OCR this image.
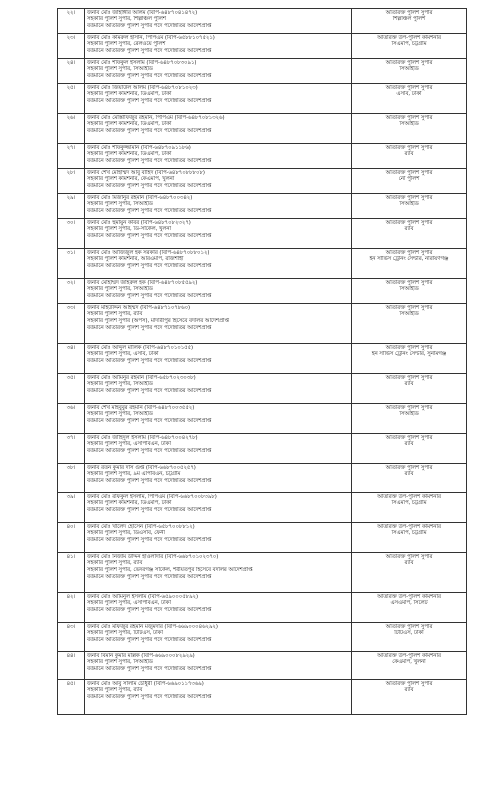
২২।	জনাব মোঃ জাহাঙ্গীর আলম (বিপি-৬৪৮৭০৪১৪৭২)
সহকারি পুলিশ সুপার, শিল্পাঞ্চল পুলিশ
বর্তমানে অতিরিক্ত পুলিশ সুপার পদে পদোন্নতির আদেশপ্রাপ্ত	অতিরিক্ত পুলিশ সুপার
শিল্পাঞ্চল পুলিশ

২৩।	জনাব মোঃ কামরুল হাসান, পিপিএম (বিপি-৬৫৮৮১০৭৫২১)
সহকারি পুলিশ সুপার, রেলওয়ে পুলিশ
বর্তমানে অতিরিক্ত পুলিশ সুপার পদে পদোন্নতির আদেশপ্রাপ্ত	অতিরিক্ত উপ-পুলিশ কমিশনার
সিএমপি, চট্টগ্রাম

২৪।	জনাব মোঃ শফিকুল ইসলাম (বিপি-৬৪৮৭০৮৩০৯১)
সহকারি পুলিশ সুপার, সিআইডি
বর্তমানে অতিরিক্ত পুলিশ সুপার পদে পদোন্নতির আদেশপ্রাপ্ত	অতিরিক্ত পুলিশ সুপার
সিআইডি

২৫।	জনাব মোঃ জিয়াউল আলম (বিপি-৬৪৮৭০৮১০২৩)
সহকারি পুলিশ কমিশনার, ডিএমপি, ঢাকা
বর্তমানে অতিরিক্ত পুলিশ সুপার পদে পদোন্নতির আদেশপ্রাপ্ত	অতিরিক্ত পুলিশ সুপার
এসবি, ঢাকা

২৬।	জনাব মোঃ মোস্তাফিজুর রহমান, পিপিএম (বিপি-৬৪৮৭০৮১৩২৬)
সহকারি পুলিশ কমিশনার, ডিএমপি, ঢাকা
বর্তমানে অতিরিক্ত পুলিশ সুপার পদে পদোন্নতির আদেশপ্রাপ্ত	অতিরিক্ত পুলিশ সুপার
সিআইডি

২৭।	জনাব মোঃ শফিকুজ্জামান (বিপি-৬৪৮৭০৯১১৮৬)
সহকারি পুলিশ কমিশনার, ডিএমপি, ঢাকা
বর্তমানে অতিরিক্ত পুলিশ সুপার পদে পদোন্নতির আদেশপ্রাপ্ত	অতিরিক্ত পুলিশ সুপার
র‌্যাব

২৮।	জনাব শেখ মোহাম্মদ আবু বাহিদ (বিপি-৬৪৮৭০৮৮৮০৮)
সহকারি পুলিশ কমিশনার, কেএমপি, খুলনা
বর্তমানে অতিরিক্ত পুলিশ সুপার পদে পদোন্নতির আদেশপ্রাপ্ত	অতিরিক্ত পুলিশ সুপার
নৌ পুলিশ

২৯।	জনাব মোঃ মিজানুর রহমান (বিপি-৬৪৮৭০০৩৪২)
সহকারি পুলিশ সুপার, সিআইডি
বর্তমানে অতিরিক্ত পুলিশ সুপার পদে পদোন্নতির আদেশপ্রাপ্ত	অতিরিক্ত পুলিশ সুপার
সিআইডি

৩০।	জনাব মোঃ হুমায়ুন কবির (বিপি-৬৪৮৭০৮২৩২৭)
সহকারি পুলিশ সুপার, ডি-সার্কেল, খুলনা
বর্তমানে অতিরিক্ত পুলিশ সুপার পদে পদোন্নতির আদেশপ্রাপ্ত	অতিরিক্ত পুলিশ সুপার
র‌্যাব

৩১।	জনাব মোঃ আজিজুল হক সরকার (বিপি-৬৪৮৭০৮৮০১২)
সহকারি পুলিশ কমিশনার, আরএমপি, রাজশাহী
বর্তমানে অতিরিক্ত পুলিশ সুপার পদে পদোন্নতির আদেশপ্রাপ্ত	অতিরিক্ত পুলিশ সুপার
ইন সার্ভিস ট্রেনিং সেন্টার, নারায়ণগঞ্জ

৩২।	জনাব মোহাম্মদ জহিরুল হক (বিপি-৬৪৮৭০৮৫৫৯২)
সহকারি পুলিশ সুপার, সিআইডি
বর্তমানে অতিরিক্ত পুলিশ সুপার পদে পদোন্নতির আদেশপ্রাপ্ত	অতিরিক্ত পুলিশ সুপার
সিআইডি

৩৩।	জনাব মহিউদ্দিন আহম্মদ (বিপি-৬৪৮৭১০৭৮৬০)
সহকারি পুলিশ সুপার, র‌্যাব
সহকারি পুলিশ সুপার (অপস), মাদারীপুর হিসেবে বদলির আদেশপ্রাপ্ত
বর্তমানে অতিরিক্ত পুলিশ সুপার পদে পদোন্নতির আদেশপ্রাপ্ত	অতিরিক্ত পুলিশ সুপার
সিআইডি

৩৪।	জনাব মোঃ আব্দুল মালিক (বিপি-৬৪৮৭০১০১৫৫)
সহকারি পুলিশ সুপার, এসবি, ঢাকা
বর্তমানে অতিরিক্ত পুলিশ সুপার পদে পদোন্নতির আদেশপ্রাপ্ত	অতিরিক্ত পুলিশ সুপার
ইন সার্ভিস ট্রেনিং সেন্টার, সুনামগঞ্জ

৩৫।	জনাব মোঃ আমিনুর রহমান (বিপি-৬৫৮৭০২৩০৩৮)
সহকারি পুলিশ সুপার, সিআইডি
বর্তমানে অতিরিক্ত পুলিশ সুপার পদে পদোন্নতির আদেশপ্রাপ্ত	অতিরিক্ত পুলিশ সুপার
র‌্যাব

৩৬।	জনাব শেখ মাহবুবুর রহমান (বিপি-৬৪৮৭০০৩৫৫২)
সহকারি পুলিশ সুপার, সিআইডি
বর্তমানে অতিরিক্ত পুলিশ সুপার পদে পদোন্নতির আদেশপ্রাপ্ত	অতিরিক্ত পুলিশ সুপার
সিআইডি

৩৭।	জনাব মোঃ জাহিদুল ইসলাম (বিপি-৬৪৮৭০০৪২৭৮)
সহকারি পুলিশ সুপার, এসপিবিএন, ঢাকা
বর্তমানে অতিরিক্ত পুলিশ সুপার পদে পদোন্নতির আদেশপ্রাপ্ত	অতিরিক্ত পুলিশ সুপার
র‌্যাব

৩৮।	জনাব রতন কুমার দাস গুপ্ত (বিপি-৬৬৮৭০০৫২৫৭)
সহকারি পুলিশ সুপার, ৯ম এপিবিএন, চট্টগ্রাম
বর্তমানে অতিরিক্ত পুলিশ সুপার পদে পদোন্নতির আদেশপ্রাপ্ত	অতিরিক্ত পুলিশ সুপার
র‌্যাব

৩৯।	জনাব মোঃ রফিকুল ইসলাম, পিপিএম (বিপি-৬৬৮৭০০৮৩৯৮)
সহকারি পুলিশ কমিশনার, ডিএমপি, ঢাকা
বর্তমানে অতিরিক্ত পুলিশ সুপার পদে পদোন্নতির আদেশপ্রাপ্ত	অতিরিক্ত উপ-পুলিশ কমিশনার
সিএমপি, চট্টগ্রাম

৪০।	জনাব মোঃ খালেদ হোসেন (বিপি-৬৫৮৭০০৮৮১২)
সহকারি পুলিশ সুপার, ডিএসবি, ফেনী
বর্তমানে অতিরিক্ত পুলিশ সুপার পদে পদোন্নতির আদেশপ্রাপ্ত	অতিরিক্ত উপ-পুলিশ কমিশনার
সিএমপি, চট্টগ্রাম

৪১।	জনাব মোঃ নিজাম উদ্দিন হাওলাদার (বিপি-৬৬৮৭০১০২৩৭০)
সহকারি পুলিশ সুপার, র‌্যাব
সহকারি পুলিশ সুপার, ভেদরগঞ্জ সার্কেল, শরীয়তপুর হিসেবে বদলির আদেশপ্রাপ্ত
বর্তমানে অতিরিক্ত পুলিশ সুপার পদে পদোন্নতির আদেশপ্রাপ্ত	অতিরিক্ত পুলিশ সুপার
র‌্যাব

৪২।	জনাব মোঃ আমিনুল ইসলাম (বিপি-৬৫৯০০০৫৮৯২)
সহকারি পুলিশ সুপার, এসপিবিএন, ঢাকা
বর্তমানে অতিরিক্ত পুলিশ সুপার পদে পদোন্নতির আদেশপ্রাপ্ত	অতিরিক্ত উপ-পুলিশ কমিশনার
এসএমপি, সিলেট

৪৩।	জনাব মোঃ মফিজুর রহমান মজুমদার (বিপি-৬৬৯০০০৪৬২৯২)
সহকারি পুলিশ সুপার, টিটিএস, ঢাকা
বর্তমানে অতিরিক্ত পুলিশ সুপার পদে পদোন্নতির আদেশপ্রাপ্ত	অতিরিক্ত পুলিশ সুপার
টিটিএস, ঢাকা

৪৪।	জনাব বিমান কুমার মল্লিক (বিপি-৬৬৯০০০৮২৯২৯)
সহকারি পুলিশ সুপার, সিআইডি
বর্তমানে অতিরিক্ত পুলিশ সুপার পদে পদোন্নতির আদেশপ্রাপ্ত	অতিরিক্ত উপ-পুলিশ কমিশনার
কেএমপি, খুলনা

৪৫।	জনাব মোঃ আবু সালাম চৌধুরী (বিপি-৬৬৯০১১৭৩৬৯)
সহকারি পুলিশ সুপার, র‌্যাব
বর্তমানে অতিরিক্ত পুলিশ সুপার পদে পদোন্নতির আদেশপ্রাপ্ত	অতিরিক্ত পুলিশ সুপার
র‌্যাব
